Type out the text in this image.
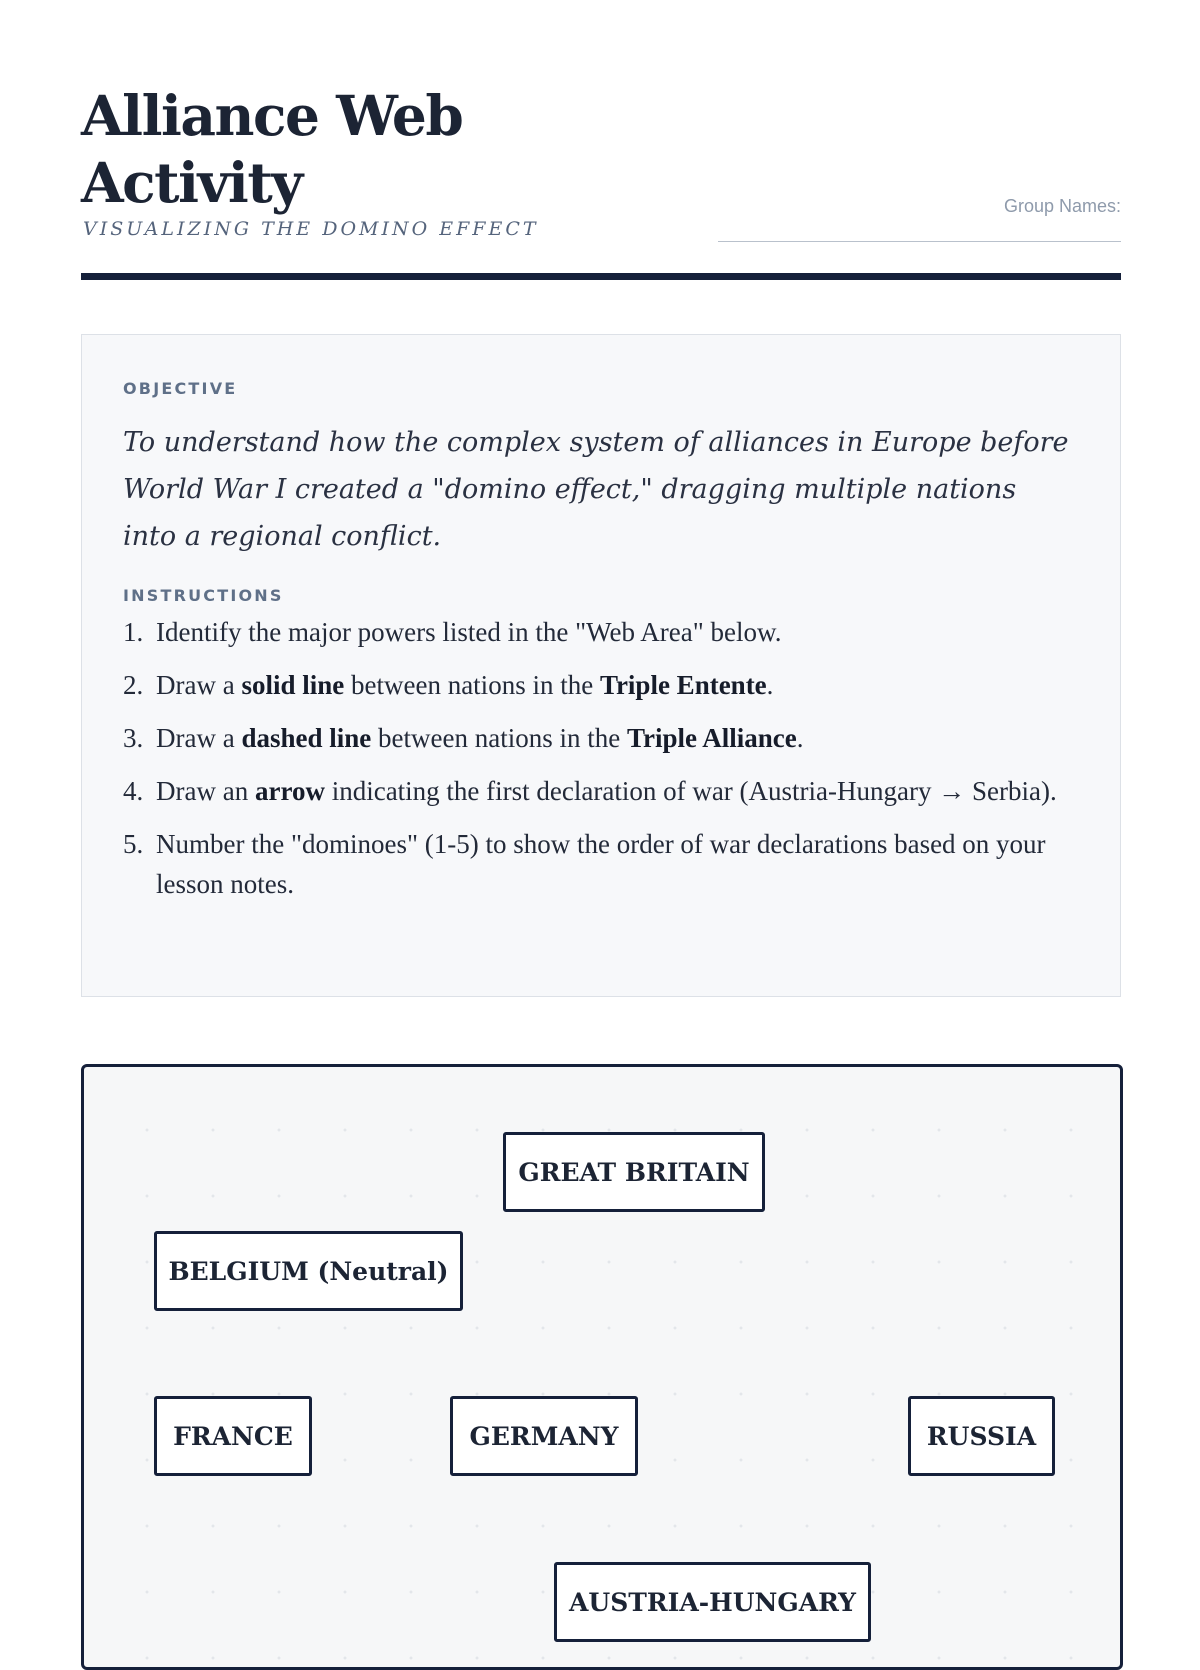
Alliance Web Activity
VISUALIZING THE DOMINO EFFECT
Group Names:
OBJECTIVE
To understand how the complex system of alliances in Europe before World War I created a "domino effect," dragging multiple nations into a regional conflict.
INSTRUCTIONS
1. Identify the major powers listed in the "Web Area" below.
2. Draw a solid line between nations in the Triple Entente.
3. Draw a dashed line between nations in the Triple Alliance.
4. Draw an arrow indicating the first declaration of war (Austria-Hungary → Serbia).
5. Number the "dominoes" (1-5) to show the order of war declarations based on your lesson notes.
GREAT BRITAIN
BELGIUM (Neutral)
FRANCE	GERMANY	RUSSIA
AUSTRIA-HUNGARY
